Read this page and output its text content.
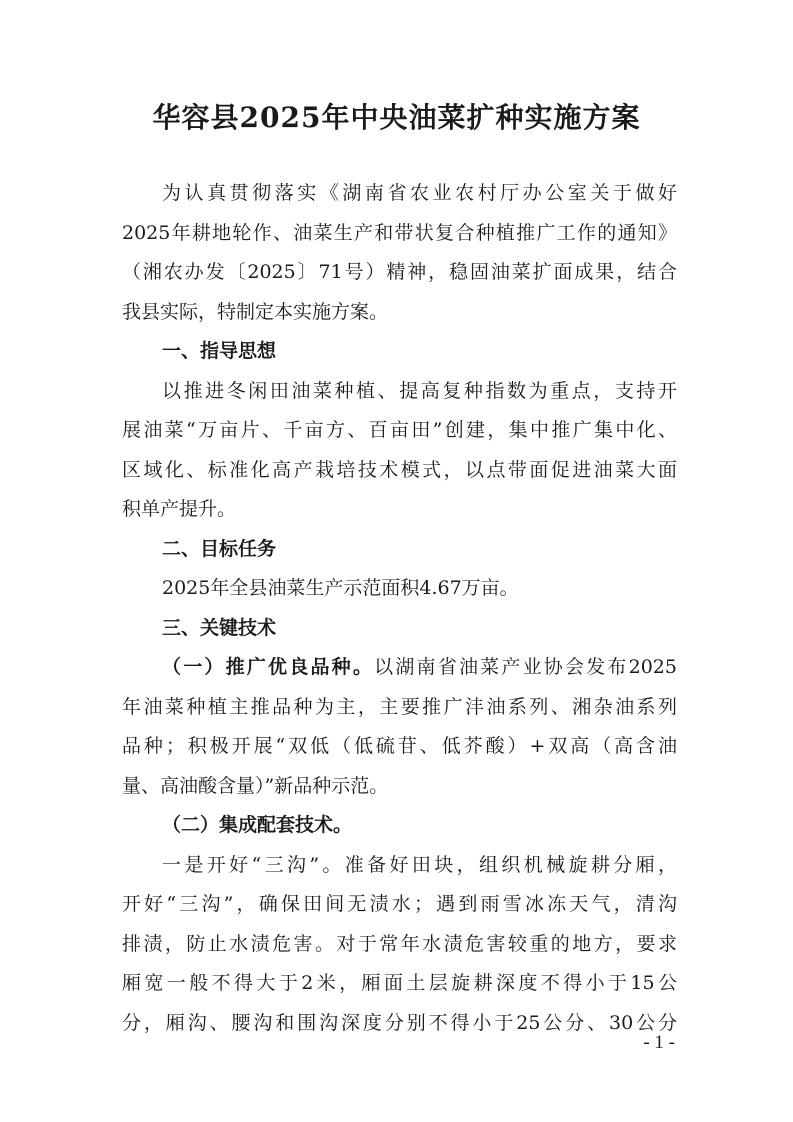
华容县2025年中央油菜扩种实施方案
为认真贯彻落实《湖南省农业农村厅办公室关于做好
2025年耕地轮作、油菜生产和带状复合种植推广工作的通知》
（湘农办发〔2025〕71号）精神，稳固油菜扩面成果，结合
我县实际，特制定本实施方案。
一、指导思想
以推进冬闲田油菜种植、提高复种指数为重点，支持开
展油菜“万亩片、千亩方、百亩田”创建，集中推广集中化、
区域化、标准化高产栽培技术模式，以点带面促进油菜大面
积单产提升。
二、目标任务
2025年全县油菜生产示范面积4.67万亩。
三、关键技术
（一）推广优良品种。以湖南省油菜产业协会发布2025
年油菜种植主推品种为主，主要推广沣油系列、湘杂油系列
品种；积极开展“双低（低硫苷、低芥酸）+双高（高含油
量、高油酸含量）”新品种示范。
（二）集成配套技术。
一是开好“三沟”。准备好田块，组织机械旋耕分厢，
开好“三沟”，确保田间无渍水；遇到雨雪冰冻天气，清沟
排渍，防止水渍危害。对于常年水渍危害较重的地方，要求
厢宽一般不得大于2米，厢面土层旋耕深度不得小于15公
分，厢沟、腰沟和围沟深度分别不得小于25公分、30公分
- 1 -
